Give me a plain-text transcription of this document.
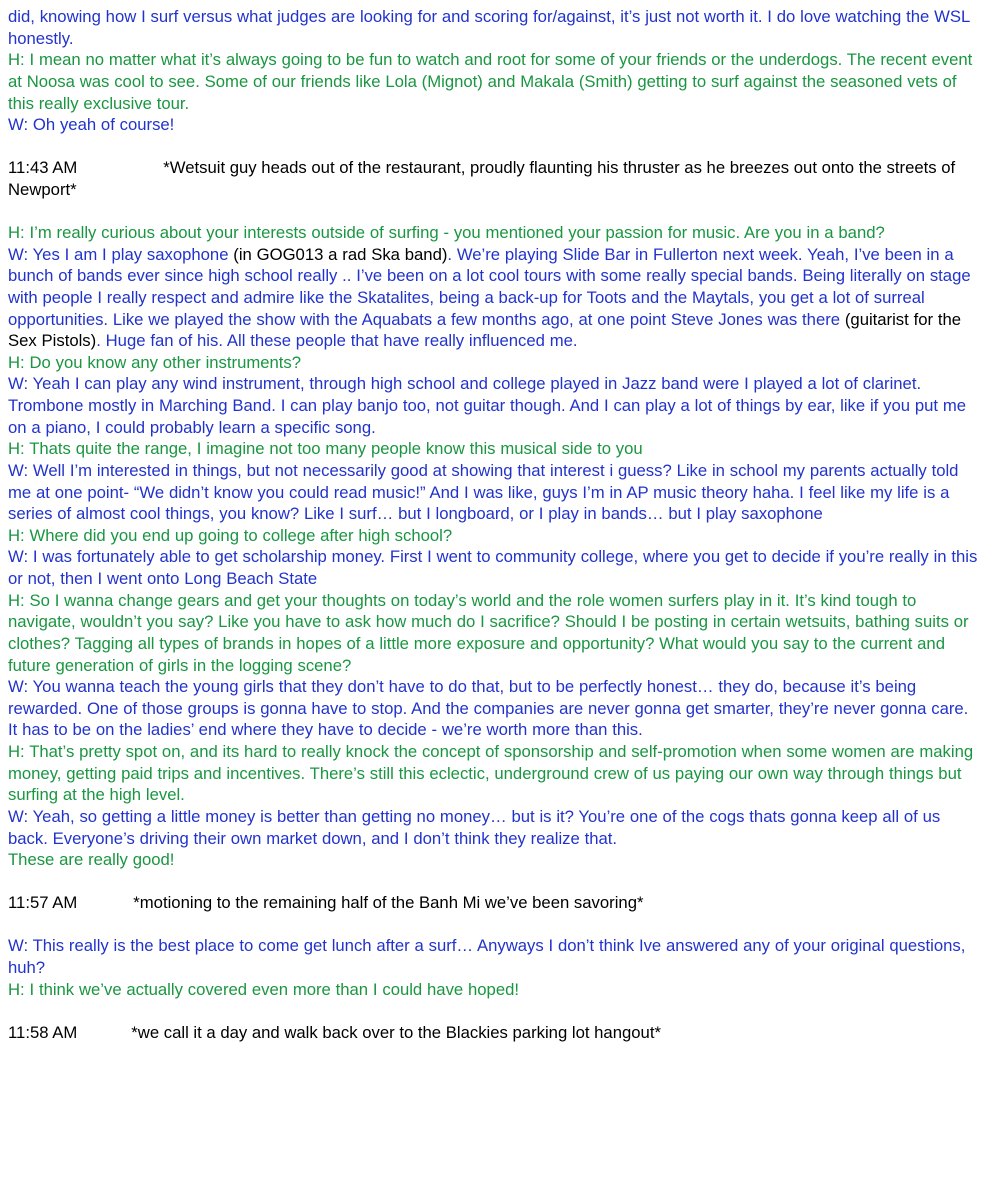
did, knowing how I surf versus what judges are looking for and scoring for/against, it’s just not worth it. I do love watching the WSL honestly.

H: I mean no matter what it’s always going to be fun to watch and root for some of your friends or the underdogs. The recent event at Noosa was cool to see. Some of our friends like Lola (Mignot) and Makala (Smith) getting to surf against the seasoned vets of this really exclusive tour.

W: Oh yeah of course!

11:43 AM	*Wetsuit guy heads out of the restaurant, proudly flaunting his thruster as he breezes out onto the streets of Newport*

H: I’m really curious about your interests outside of surfing - you mentioned your passion for music. Are you in a band?

W: Yes I am I play saxophone (in GOG013 a rad Ska band). We’re playing Slide Bar in Fullerton next week. Yeah, I’ve been in a bunch of bands ever since high school really .. I’ve been on a lot cool tours with some really special bands. Being literally on stage with people I really respect and admire like the Skatalites, being a back-up for Toots and the Maytals, you get a lot of surreal opportunities. Like we played the show with the Aquabats a few months ago, at one point Steve Jones was there (guitarist for the Sex Pistols). Huge fan of his. All these people that have really influenced me.

H: Do you know any other instruments?

W: Yeah I can play any wind instrument, through high school and college played in Jazz band were I played a lot of clarinet. Trombone mostly in Marching Band. I can play banjo too, not guitar though. And I can play a lot of things by ear, like if you put me on a piano, I could probably learn a specific song.

H: Thats quite the range, I imagine not too many people know this musical side to you

W: Well I’m interested in things, but not necessarily good at showing that interest i guess? Like in school my parents actually told me at one point- “We didn’t know you could read music!” And I was like, guys I’m in AP music theory haha. I feel like my life is a series of almost cool things, you know? Like I surf… but I longboard, or I play in bands… but I play saxophone

H: Where did you end up going to college after high school?

W: I was fortunately able to get scholarship money. First I went to community college, where you get to decide if you’re really in this or not, then I went onto Long Beach State

H: So I wanna change gears and get your thoughts on today’s world and the role women surfers play in it. It’s kind tough to navigate, wouldn’t you say? Like you have to ask how much do I sacrifice? Should I be posting in certain wetsuits, bathing suits or clothes? Tagging all types of brands in hopes of a little more exposure and opportunity? What would you say to the current and future generation of girls in the logging scene?

W: You wanna teach the young girls that they don’t have to do that, but to be perfectly honest… they do, because it’s being rewarded. One of those groups is gonna have to stop. And the companies are never gonna get smarter, they’re never gonna care. It has to be on the ladies’ end where they have to decide - we’re worth more than this.

H: That’s pretty spot on, and its hard to really knock the concept of sponsorship and self-promotion when some women are making money, getting paid trips and incentives. There’s still this eclectic, underground crew of us paying our own way through things but surfing at the high level.

W: Yeah, so getting a little money is better than getting no money… but is it? You’re one of the cogs thats gonna keep all of us back. Everyone’s driving their own market down, and I don’t think they realize that.

These are really good!

11:57 AM	*motioning to the remaining half of the Banh Mi we’ve been savoring*

W: This really is the best place to come get lunch after a surf… Anyways I don’t think Ive answered any of your original questions, huh?

H: I think we’ve actually covered even more than I could have hoped!

11:58 AM	*we call it a day and walk back over to the Blackies parking lot hangout*
